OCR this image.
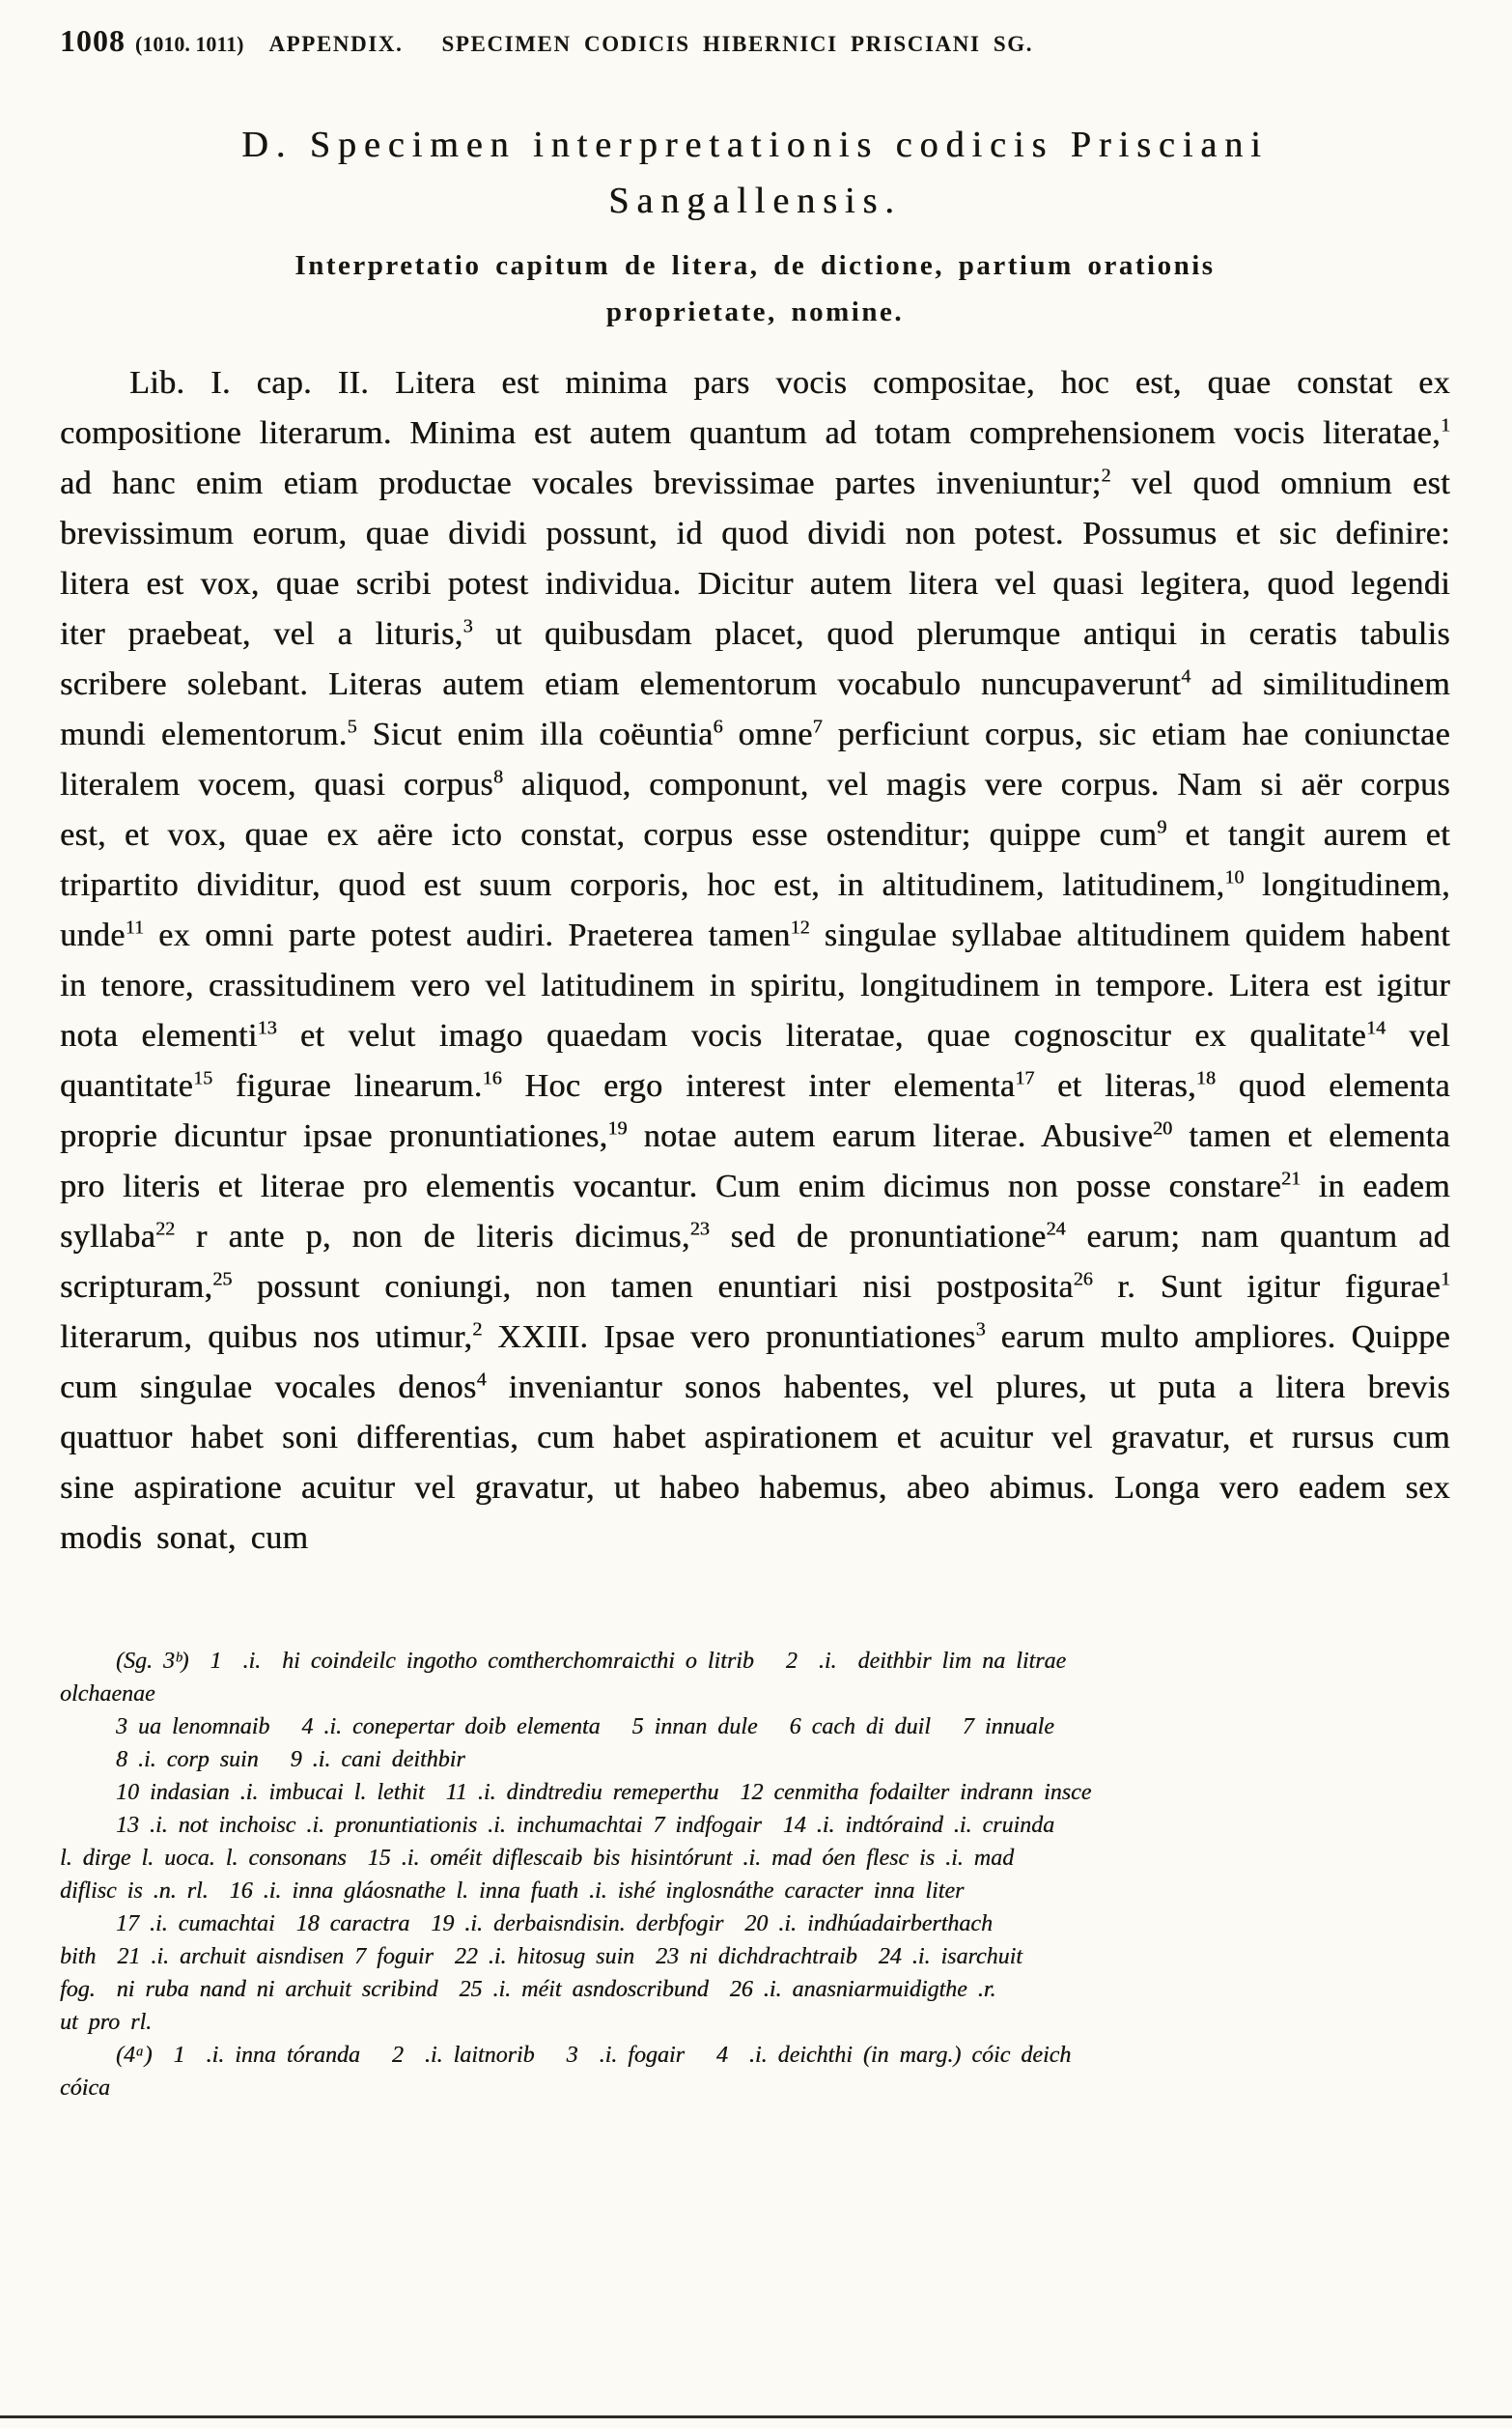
1008 (1010. 1011) APPENDIX.   SPECIMEN CODICIS HIBERNICI PRISCIANI SG.
D. Specimen interpretationis codicis Prisciani
Sangallensis.
Interpretatio capitum de litera, de dictione, partium orationis
proprietate, nomine.

Lib. I. cap. II. Litera est minima pars vocis compositae, hoc est, quae constat ex compositione literarum. Minima est autem quantum ad totam comprehensionem vocis literatae,$^1$ ad hanc enim etiam productae vocales brevissimae partes inveniuntur;$^2$ vel quod omnium est brevissimum eorum, quae dividi possunt, id quod dividi non potest. Possumus et sic definire: litera est vox, quae scribi potest individua. Dicitur autem litera vel quasi legitera, quod legendi iter praebeat, vel a lituris,$^3$ ut quibusdam placet, quod plerumque antiqui in ceratis tabulis scribere solebant. Literas autem etiam elementorum vocabulo nuncupaverunt$^4$ ad similitudinem mundi elementorum.$^5$ Sicut enim illa coëuntia$^6$ omne$^7$ perficiunt corpus, sic etiam hae coniunctae literalem vocem, quasi corpus$^8$ aliquod, componunt, vel magis vere corpus. Nam si aër corpus est, et vox, quae ex aëre icto constat, corpus esse ostenditur; quippe cum$^9$ et tangit aurem et tripartito dividitur, quod est suum corporis, hoc est, in altitudinem, latitudinem,$^{10}$ longitudinem, unde$^{11}$ ex omni parte potest audiri. Praeterea tamen$^{12}$ singulae syllabae altitudinem quidem habent in tenore, crassitudinem vero vel latitudinem in spiritu, longitudinem in tempore. Litera est igitur nota elementi$^{13}$ et velut imago quaedam vocis literatae, quae cognoscitur ex qualitate$^{14}$ vel quantitate$^{15}$ figurae linearum.$^{16}$ Hoc ergo interest inter elementa$^{17}$ et literas,$^{18}$ quod elementa proprie dicuntur ipsae pronuntiationes,$^{19}$ notae autem earum literae. Abusive$^{20}$ tamen et elementa pro literis et literae pro elementis vocantur. Cum enim dicimus non posse constare$^{21}$ in eadem syllaba$^{22}$ r ante p, non de literis dicimus,$^{23}$ sed de pronuntiatione$^{24}$ earum; nam quantum ad scripturam,$^{25}$ possunt coniungi, non tamen enuntiari nisi postposita$^{26}$ r. Sunt igitur figurae$^1$ literarum, quibus nos utimur,$^2$ XXIII. Ipsae vero pronuntiationes$^3$ earum multo ampliores. Quippe cum singulae vocales denos$^4$ inveniantur sonos habentes, vel plures, ut puta a litera brevis quattuor habet soni differentias, cum habet aspirationem et acuitur vel gravatur, et rursus cum sine aspiratione acuitur vel gravatur, ut habeo habemus, abeo abimus. Longa vero eadem sex modis sonat, cum

(Sg. 3ᵇ)  1  .i.  hi coindeilc ingotho comtherchomraicthi o litrib   2  .i.  deithbir lim na litrae
olchaenae
3 ua lenomnaib   4 .i. conepertar doib elementa   5 innan dule   6 cach di duil   7 innuale
8 .i. corp suin   9 .i. cani deithbir
10 indasian .i. imbucai l. lethit  11 .i. dindtrediu remeperthu  12 cenmitha fodailter indrann insce
13 .i. not inchoisc .i. pronuntiationis .i. inchumachtai 7 indfogair  14 .i. indtóraind .i. cruinda
l. dirge l. uoca. l. consonans  15 .i. oméit diflescaib bis hisintórunt .i. mad óen flesc is .i. mad
diflisc is .n. rl.  16 .i. inna gláosnathe l. inna fuath .i. ishé inglosnáthe caracter inna liter
17 .i. cumachtai  18 caractra  19 .i. derbaisndisin. derbfogir  20 .i. indhúadairberthach
bith  21 .i. archuit aisndisen 7 foguir  22 .i. hitosug suin  23 ni dichdrachtraib  24 .i. isarchuit
fog.  ni ruba nand ni archuit scribind  25 .i. méit asndoscribund  26 .i. anasniarmuidigthe .r.
ut pro rl.
(4ᵃ)  1  .i. inna tóranda   2  .i. laitnorib   3  .i. fogair   4  .i. deichthi (in marg.) cóic deich
cóica
